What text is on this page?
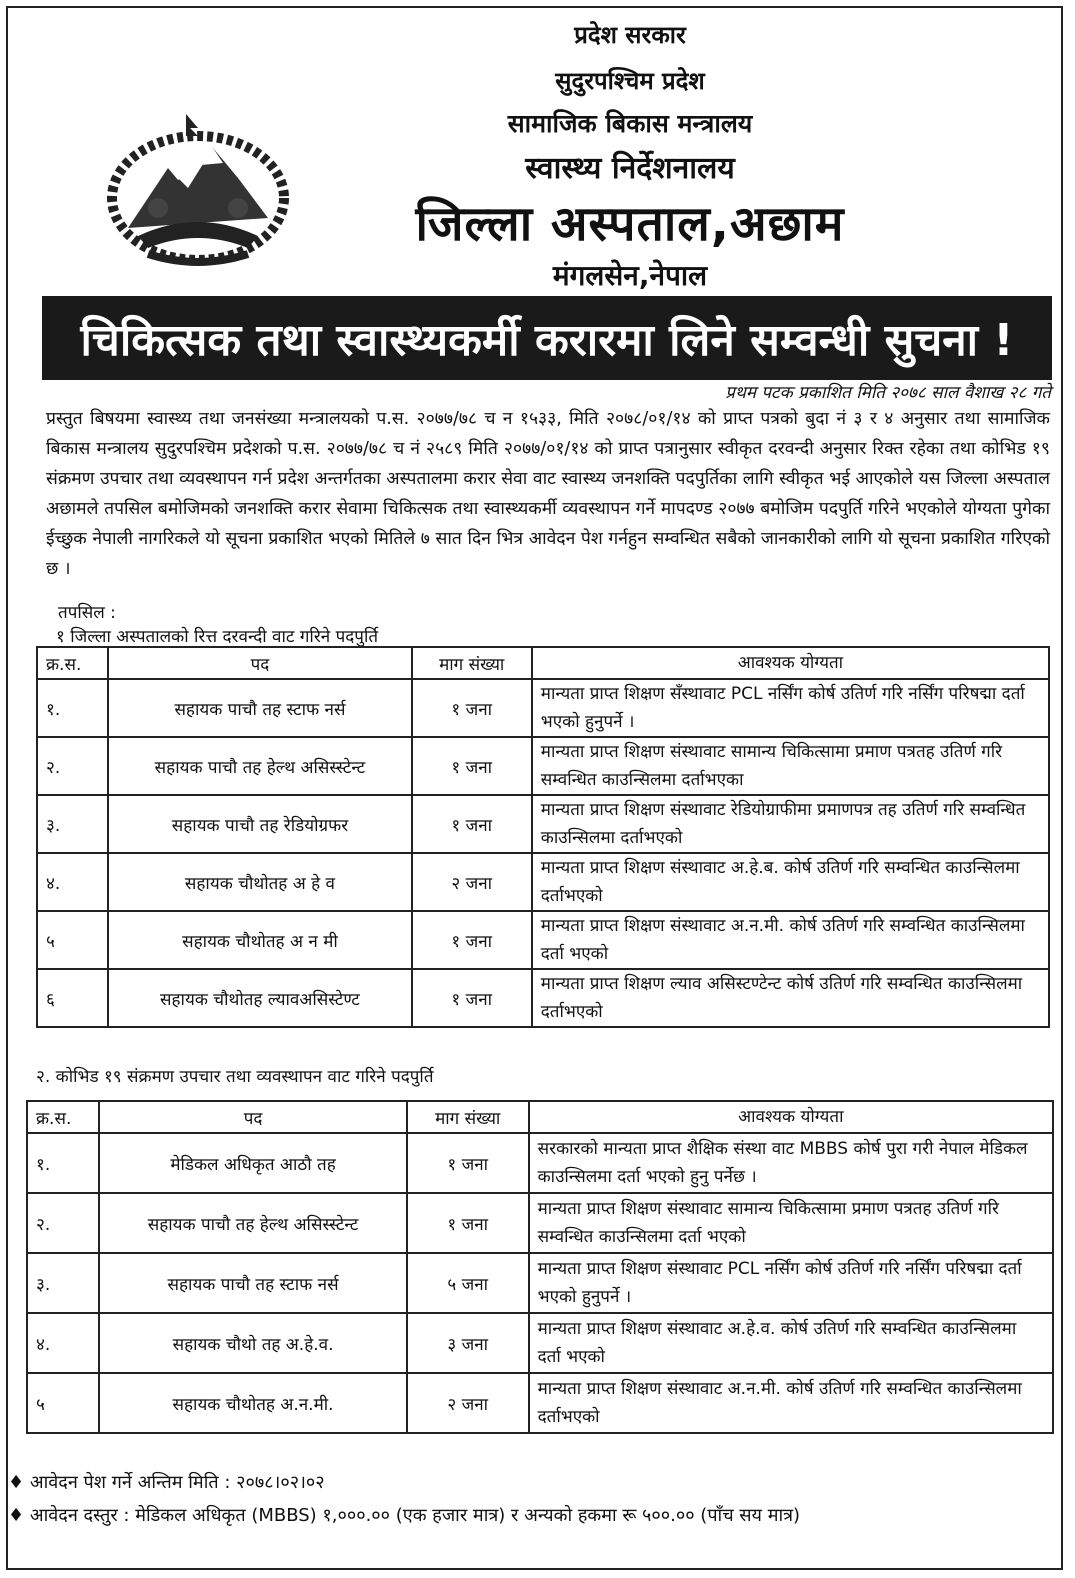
प्रदेश सरकार
सुदुरपश्चिम प्रदेश
सामाजिक बिकास मन्त्रालय
स्वास्थ्य निर्देशनालय
जिल्ला अस्पताल,अछाम
मंगलसेन,नेपाल
चिकित्सक तथा स्वास्थ्यकर्मी करारमा लिने सम्वन्धी सुचना !
प्रथम पटक प्रकाशित मिति २०७८ साल वैशाख २८ गते
प्रस्तुत बिषयमा स्वास्थ्य तथा जनसंख्या मन्त्रालयको प.स. २०७७/७८ च न १५३३, मिति २०७८/०१/१४ को प्राप्त पत्रको बुदा नं ३ र ४ अनुसार तथा सामाजिक बिकास मन्त्रालय सुदुरपश्चिम प्रदेशको प.स. २०७७/७८ च नं २५८९ मिति २०७७/०१/१४ को प्राप्त पत्रानुसार स्वीकृत दरवन्दी अनुसार रिक्त रहेका तथा कोभिड १९ संक्रमण उपचार तथा व्यवस्थापन गर्न प्रदेश अन्तर्गतका अस्पतालमा करार सेवा वाट स्वास्थ्य जनशक्ति पदपुर्तिका लागि स्वीकृत भई आएकोले यस जिल्ला अस्पताल अछामले तपसिल बमोजिमको जनशक्ति करार सेवामा चिकित्सक तथा स्वास्थ्यकर्मी व्यवस्थापन गर्ने मापदण्ड २०७७ बमोजिम पदपुर्ति गरिने भएकोले योग्यता पुगेका ईच्छुक नेपाली नागरिकले यो सूचना प्रकाशित भएको मितिले ७ सात दिन भित्र आवेदन पेश गर्नहुन सम्वन्धित सबैको जानकारीको लागि यो सूचना प्रकाशित गरिएको छ ।
तपसिल :
१ जिल्ला अस्पतालको रित्त दरवन्दी वाट गरिने पदपुर्ति
क्र.स.	पद	माग संख्या	आवश्यक योग्यता
१.	सहायक पाचौ तह स्टाफ नर्स	१ जना	मान्यता प्राप्त शिक्षण सँस्थावाट PCL नर्सिंग कोर्ष उतिर्ण गरि नर्सिंग परिषद्मा दर्ता भएको हुनुपर्ने ।
२.	सहायक पाचौ तह हेल्थ असिस्स्टेन्ट	१ जना	मान्यता प्राप्त शिक्षण संस्थावाट सामान्य चिकित्सामा प्रमाण पत्रतह उतिर्ण गरि सम्वन्धित काउन्सिलमा दर्ताभएका
३.	सहायक पाचौ तह रेडियोग्रफर	१ जना	मान्यता प्राप्त शिक्षण संस्थावाट रेडियोग्राफीमा प्रमाणपत्र तह उतिर्ण गरि सम्वन्धित काउन्सिलमा दर्ताभएको
४.	सहायक चौथोतह अ हे व	२ जना	मान्यता प्राप्त शिक्षण संस्थावाट अ.हे.ब. कोर्ष उतिर्ण गरि सम्वन्धित काउन्सिलमा दर्ताभएको
५	सहायक चौथोतह अ न मी	१ जना	मान्यता प्राप्त शिक्षण संस्थावाट अ.न.मी. कोर्ष उतिर्ण गरि सम्वन्धित काउन्सिलमा दर्ता भएको
६	सहायक चौथोतह ल्यावअसिस्टेण्ट	१ जना	मान्यता प्राप्त शिक्षण ल्याव असिस्टण्टेन्ट कोर्ष उतिर्ण गरि सम्वन्धित काउन्सिलमा दर्ताभएको
२. कोभिड १९ संक्रमण उपचार तथा व्यवस्थापन वाट गरिने पदपुर्ति
क्र.स.	पद	माग संख्या	आवश्यक योग्यता
१.	मेडिकल अधिकृत आठौ तह	१ जना	सरकारको मान्यता प्राप्त शैक्षिक संस्था वाट MBBS कोर्ष पुरा गरी नेपाल मेडिकल काउन्सिलमा दर्ता भएको हुनु पर्नेछ ।
२.	सहायक पाचौ तह हेल्थ असिस्स्टेन्ट	१ जना	मान्यता प्राप्त शिक्षण संस्थावाट सामान्य चिकित्सामा प्रमाण पत्रतह उतिर्ण गरि सम्वन्धित काउन्सिलमा दर्ता भएको
३.	सहायक पाचौ तह स्टाफ नर्स	५ जना	मान्यता प्राप्त शिक्षण संस्थावाट PCL नर्सिंग कोर्ष उतिर्ण गरि नर्सिंग परिषद्मा दर्ता भएको हुनुपर्ने ।
४.	सहायक चौथो तह अ.हे.व.	३ जना	मान्यता प्राप्त शिक्षण संस्थावाट अ.हे.व. कोर्ष उतिर्ण गरि सम्वन्धित काउन्सिलमा दर्ता भएको
५	सहायक चौथोतह अ.न.मी.	२ जना	मान्यता प्राप्त शिक्षण संस्थावाट अ.न.मी. कोर्ष उतिर्ण गरि सम्वन्धित काउन्सिलमा दर्ताभएको
♦ आवेदन पेश गर्ने अन्तिम मिति : २०७८।०२।०२
♦ आवेदन दस्तुर : मेडिकल अधिकृत (MBBS) १,०००.०० (एक हजार मात्र) र अन्यको हकमा रू ५००.०० (पाँच सय मात्र)
